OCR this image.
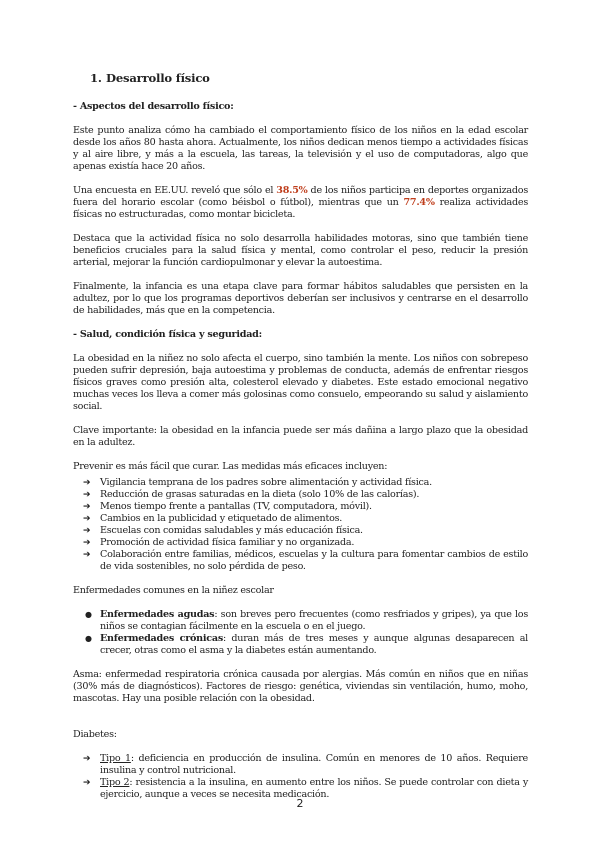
1. Desarrollo físico
- Aspectos del desarrollo físico:

Este punto analiza cómo ha cambiado el comportamiento físico de los niños en la edad escolar desde los años 80 hasta ahora. Actualmente, los niños dedican menos tiempo a actividades físicas y al aire libre, y más a la escuela, las tareas, la televisión y el uso de computadoras, algo que apenas existía hace 20 años.

Una encuesta en EE.UU. reveló que sólo el 38.5% de los niños participa en deportes organizados fuera del horario escolar (como béisbol o fútbol), mientras que un 77.4% realiza actividades físicas no estructuradas, como montar bicicleta.

Destaca que la actividad física no solo desarrolla habilidades motoras, sino que también tiene beneficios cruciales para la salud física y mental, como controlar el peso, reducir la presión arterial, mejorar la función cardiopulmonar y elevar la autoestima.

Finalmente, la infancia es una etapa clave para formar hábitos saludables que persisten en la adultez, por lo que los programas deportivos deberían ser inclusivos y centrarse en el desarrollo de habilidades, más que en la competencia.

- Salud, condición física y seguridad:

La obesidad en la niñez no solo afecta el cuerpo, sino también la mente. Los niños con sobrepeso pueden sufrir depresión, baja autoestima y problemas de conducta, además de enfrentar riesgos físicos graves como presión alta, colesterol elevado y diabetes. Este estado emocional negativo muchas veces los lleva a comer más golosinas como consuelo, empeorando su salud y aislamiento social.

Clave importante: la obesidad en la infancia puede ser más dañina a largo plazo que la obesidad en la adultez.

Prevenir es más fácil que curar. Las medidas más eficaces incluyen:

➔ Vigilancia temprana de los padres sobre alimentación y actividad física.
➔ Reducción de grasas saturadas en la dieta (solo 10% de las calorías).
➔ Menos tiempo frente a pantallas (TV, computadora, móvil).
➔ Cambios en la publicidad y etiquetado de alimentos.
➔ Escuelas con comidas saludables y más educación física.
➔ Promoción de actividad física familiar y no organizada.
➔ Colaboración entre familias, médicos, escuelas y la cultura para fomentar cambios de estilo de vida sostenibles, no solo pérdida de peso.

Enfermedades comunes en la niñez escolar

● Enfermedades agudas: son breves pero frecuentes (como resfriados y gripes), ya que los niños se contagian fácilmente en la escuela o en el juego.
● Enfermedades crónicas: duran más de tres meses y aunque algunas desaparecen al crecer, otras como el asma y la diabetes están aumentando.

Asma: enfermedad respiratoria crónica causada por alergias. Más común en niños que en niñas (30% más de diagnósticos). Factores de riesgo: genética, viviendas sin ventilación, humo, moho, mascotas. Hay una posible relación con la obesidad.

Diabetes:

➔ Tipo 1: deficiencia en producción de insulina. Común en menores de 10 años. Requiere insulina y control nutricional.
➔ Tipo 2: resistencia a la insulina, en aumento entre los niños. Se puede controlar con dieta y ejercicio, aunque a veces se necesita medicación.
2
